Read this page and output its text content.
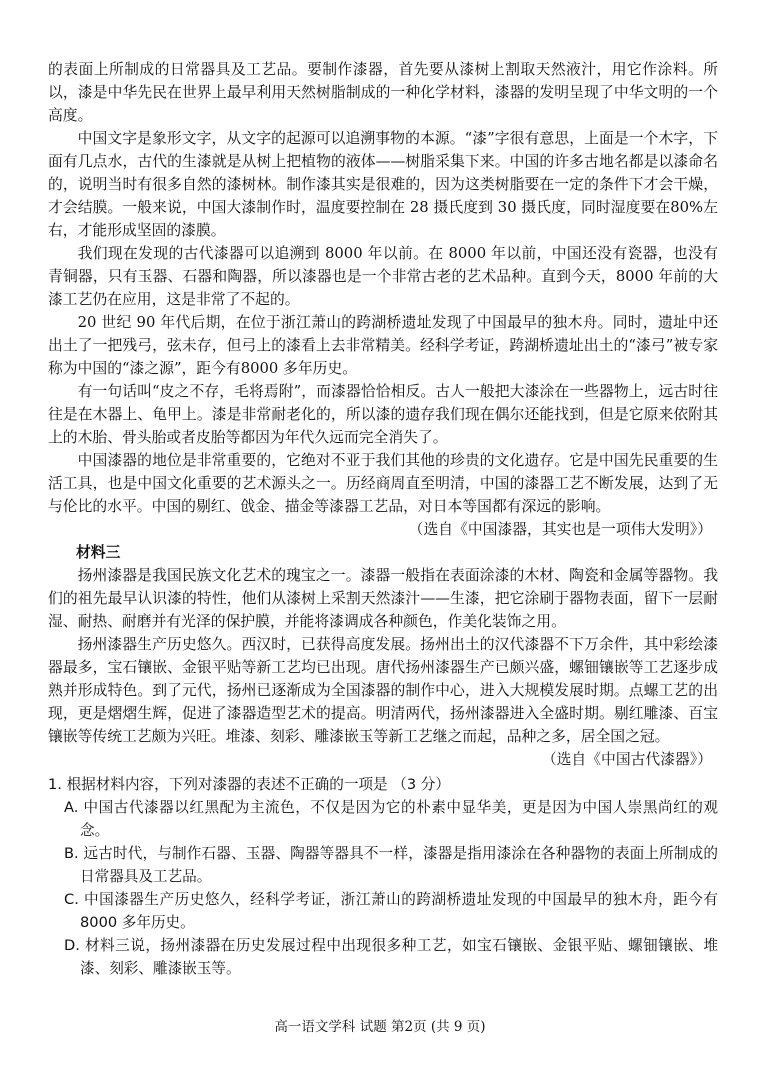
的表面上所制成的日常器具及工艺品。要制作漆器，首先要从漆树上割取天然液汁，用它作涂料。所以，漆是中华先民在世界上最早利用天然树脂制成的一种化学材料，漆器的发明呈现了中华文明的一个高度。

中国文字是象形文字，从文字的起源可以追溯事物的本源。“漆”字很有意思，上面是一个木字，下面有几点水，古代的生漆就是从树上把植物的液体——树脂采集下来。中国的许多古地名都是以漆命名的，说明当时有很多自然的漆树林。制作漆其实是很难的，因为这类树脂要在一定的条件下才会干燥，才会结膜。一般来说，中国大漆制作时，温度要控制在 28 摄氏度到 30 摄氏度，同时湿度要在80%左右，才能形成坚固的漆膜。

我们现在发现的古代漆器可以追溯到 8000 年以前。在 8000 年以前，中国还没有瓷器，也没有青铜器，只有玉器、石器和陶器，所以漆器也是一个非常古老的艺术品种。直到今天，8000 年前的大漆工艺仍在应用，这是非常了不起的。

20 世纪 90 年代后期，在位于浙江萧山的跨湖桥遗址发现了中国最早的独木舟。同时，遗址中还出土了一把残弓，弦未存，但弓上的漆看上去非常精美。经科学考证，跨湖桥遗址出土的“漆弓”被专家称为中国的“漆之源”，距今有8000 多年历史。

有一句话叫“皮之不存，毛将焉附”，而漆器恰恰相反。古人一般把大漆涂在一些器物上，远古时往往是在木器上、龟甲上。漆是非常耐老化的，所以漆的遗存我们现在偶尔还能找到，但是它原来依附其上的木胎、骨头胎或者皮胎等都因为年代久远而完全消失了。

中国漆器的地位是非常重要的，它绝对不亚于我们其他的珍贵的文化遗存。它是中国先民重要的生活工具，也是中国文化重要的艺术源头之一。历经商周直至明清，中国的漆器工艺不断发展，达到了无与伦比的水平。中国的剔红、戗金、描金等漆器工艺品，对日本等国都有深远的影响。

（选自《中国漆器，其实也是一项伟大发明》）

材料三

扬州漆器是我国民族文化艺术的瑰宝之一。漆器一般指在表面涂漆的木材、陶瓷和金属等器物。我们的祖先最早认识漆的特性，他们从漆树上采割天然漆汁——生漆，把它涂刷于器物表面，留下一层耐湿、耐热、耐磨并有光泽的保护膜，并能将漆调成各种颜色，作美化装饰之用。

扬州漆器生产历史悠久。西汉时，已获得高度发展。扬州出土的汉代漆器不下万余件，其中彩绘漆器最多，宝石镶嵌、金银平贴等新工艺均已出现。唐代扬州漆器生产已颇兴盛，螺钿镶嵌等工艺逐步成熟并形成特色。到了元代，扬州已逐渐成为全国漆器的制作中心，进入大规模发展时期。点螺工艺的出现，更是熠熠生辉，促进了漆器造型艺术的提高。明清两代，扬州漆器进入全盛时期。剔红雕漆、百宝镶嵌等传统工艺颇为兴旺。堆漆、刻彩、雕漆嵌玉等新工艺继之而起，品种之多，居全国之冠。

（选自《中国古代漆器》）

1. 根据材料内容，下列对漆器的表述不正确的一项是 （3 分）

A. 中国古代漆器以红黑配为主流色，不仅是因为它的朴素中显华美，更是因为中国人崇黑尚红的观念。

B. 远古时代，与制作石器、玉器、陶器等器具不一样，漆器是指用漆涂在各种器物的表面上所制成的日常器具及工艺品。

C. 中国漆器生产历史悠久，经科学考证，浙江萧山的跨湖桥遗址发现的中国最早的独木舟，距今有8000 多年历史。

D. 材料三说，扬州漆器在历史发展过程中出现很多种工艺，如宝石镶嵌、金银平贴、螺钿镶嵌、堆漆、刻彩、雕漆嵌玉等。

高一语文学科 试题 第2页 (共 9 页)
